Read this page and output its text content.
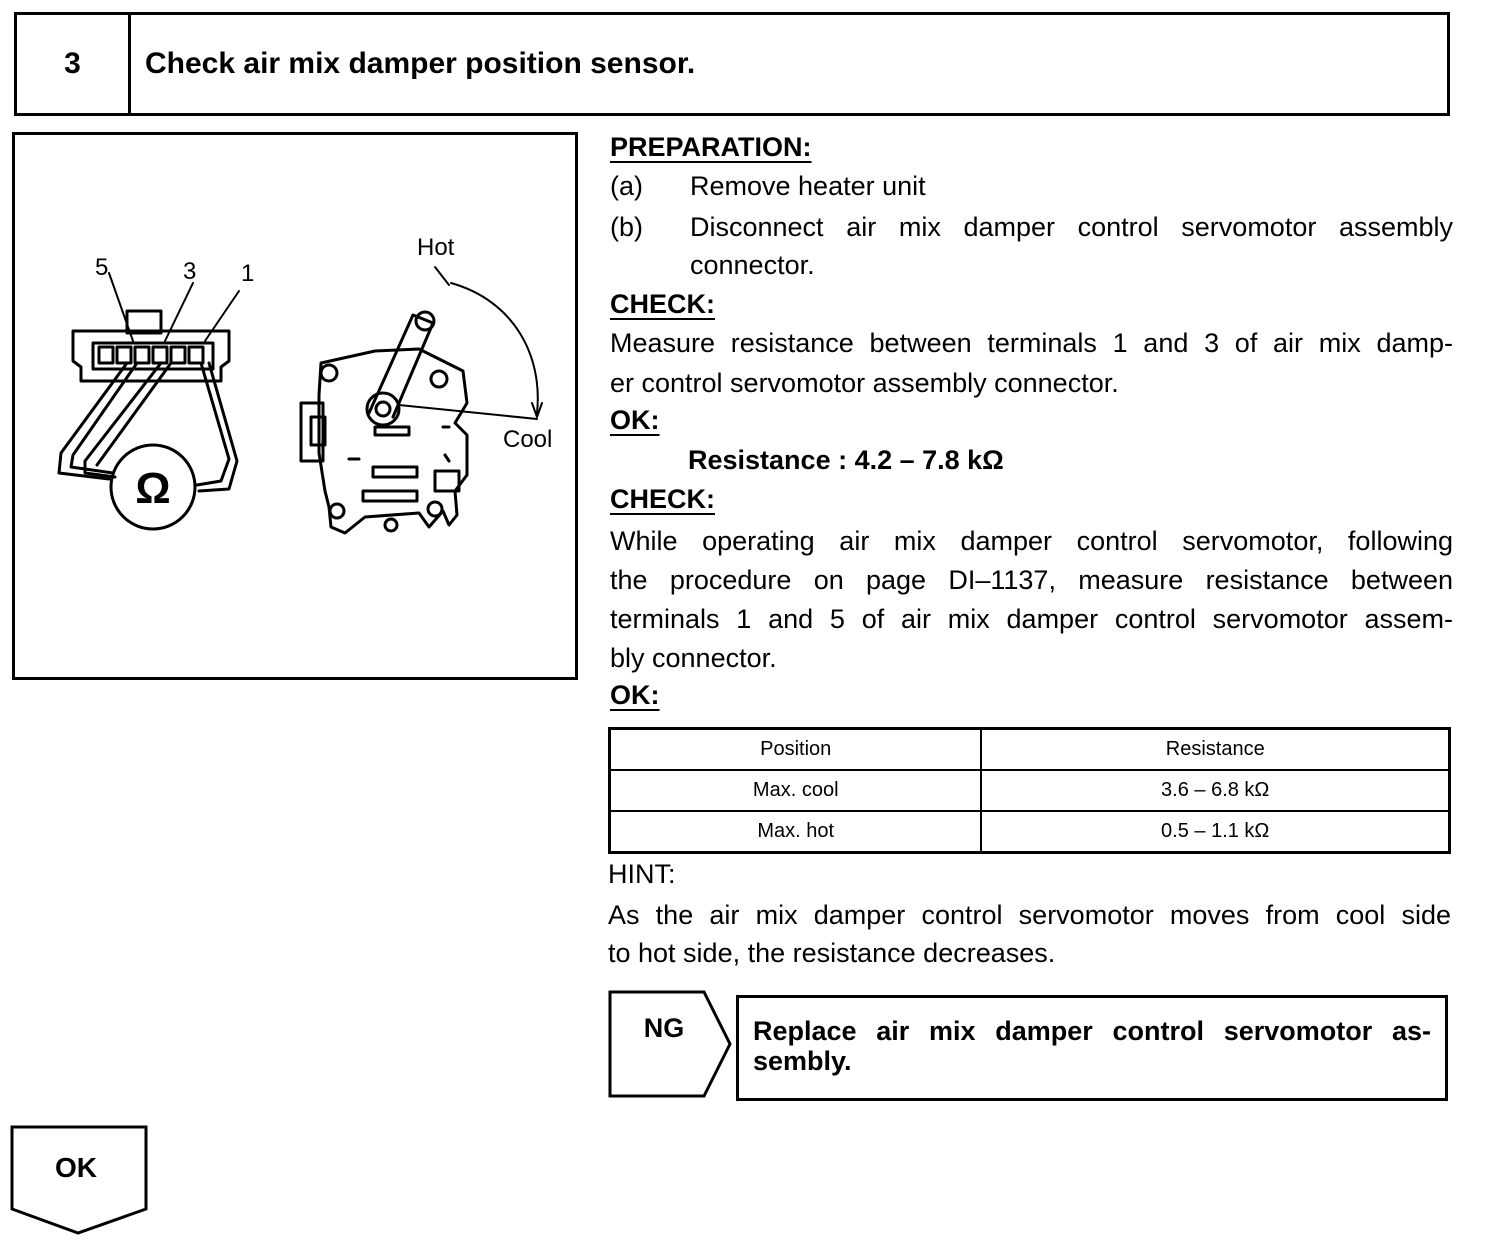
3	Check air mix damper position sensor.
5	3 1
Hot
Cool
Ω
PREPARATION:
(a) Remove heater unit
(b) Disconnect air mix damper control servomotor assembly
connector.
CHECK:
Measure resistance between terminals 1 and 3 of air mix damp-
er control servomotor assembly connector.
OK:
Resistance : 4.2 – 7.8 kΩ
CHECK:
While operating air mix damper control servomotor, following
the procedure on page DI–1137, measure resistance between
terminals 1 and 5 of air mix damper control servomotor assem-
bly connector.
OK:
Position	Resistance
Max. cool	3.6 – 6.8 kΩ
Max. hot	0.5 – 1.1 kΩ
HINT:
As the air mix damper control servomotor moves from cool side
to hot side, the resistance decreases.
NG	Replace air mix damper control servomotor as-
sembly.
OK
